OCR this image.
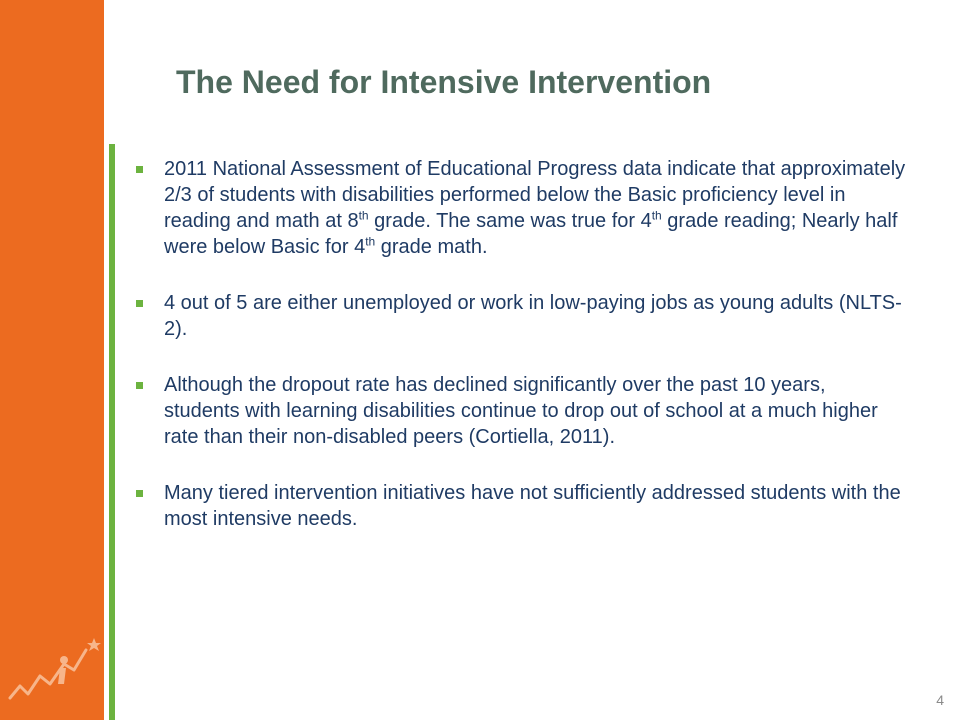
The Need for Intensive Intervention
2011 National Assessment of Educational Progress data indicate that approximately 2/3 of students with disabilities performed below the Basic proficiency level in reading and math at 8th grade. The same was true for 4th grade reading; Nearly half were below Basic for 4th grade math.
4 out of 5 are either unemployed or work in low-paying jobs as young adults (NLTS-2).
Although the dropout rate has declined significantly over the past 10 years, students with learning disabilities continue to drop out of school at a much higher rate than their non-disabled peers (Cortiella, 2011).
Many tiered intervention initiatives have not sufficiently addressed students with the most intensive needs.
4
